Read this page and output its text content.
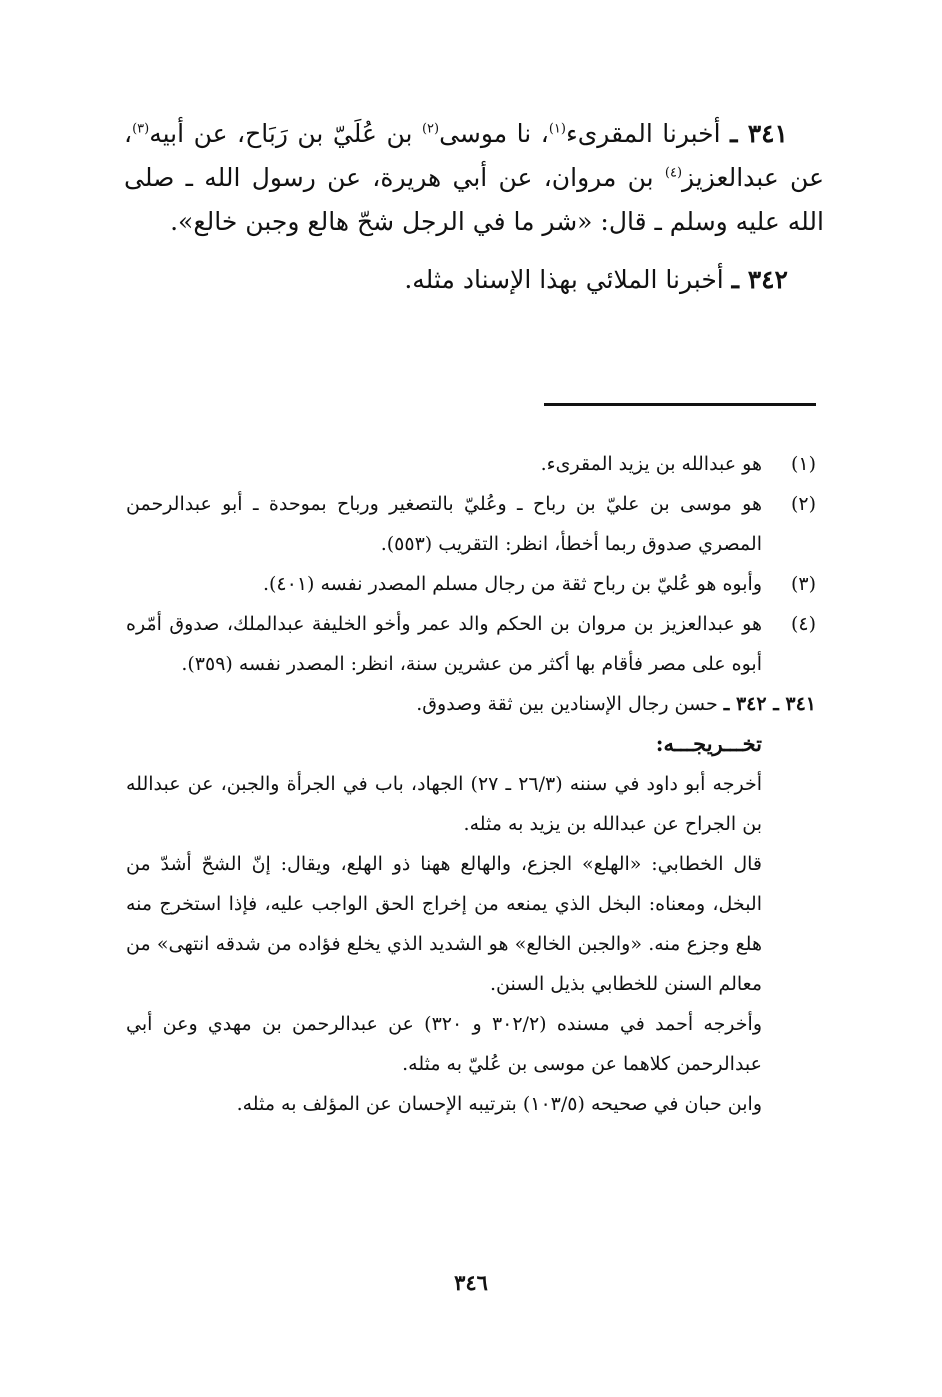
٣٤١ ـ أخبرنا المقرىء$^{(١)}$، نا موسى$^{(٢)}$ بن عُلَيّ بن رَبَاح، عن أبيه$^{(٣)}$، عن عبدالعزيز$^{(٤)}$ بن مروان، عن أبي هريرة، عن رسول الله ـ صلى الله عليه وسلم ـ قال: «شر ما في الرجل شحّ هالع وجبن خالع».

٣٤٢ ـ أخبرنا الملائي بهذا الإسناد مثله.

(١)
هو عبدالله بن يزيد المقرىء.
(٢)
هو موسى بن عليّ بن رباح ـ وعُليّ بالتصغير ورباح بموحدة ـ أبو عبدالرحمن المصري صدوق ربما أخطأ، انظر: التقريب (٥٥٣).
(٣)
وأبوه هو عُليّ بن رباح ثقة من رجال مسلم المصدر نفسه (٤٠١).
(٤)
هو عبدالعزيز بن مروان بن الحكم والد عمر وأخو الخليفة عبدالملك، صدوق أمّره أبوه على مصر فأقام بها أكثر من عشرين سنة، انظر: المصدر نفسه (٣٥٩).
٣٤١ ـ ٣٤٢ ـ حسن رجال الإسنادين بين ثقة وصدوق.
تخـــريجـــه:
أخرجه أبو داود في سننه (٢٦/٣ ـ ٢٧) الجهاد، باب في الجرأة والجبن، عن عبدالله بن الجراح عن عبدالله بن يزيد به مثله.
قال الخطابي: «الهلع» الجزع، والهالع ههنا ذو الهلع، ويقال: إنّ الشحّ أشدّ من البخل، ومعناه: البخل الذي يمنعه من إخراج الحق الواجب عليه، فإذا استخرج منه هلع وجزع منه. «والجبن الخالع» هو الشديد الذي يخلع فؤاده من شدقه انتهى» من معالم السنن للخطابي بذيل السنن.
وأخرجه أحمد في مسنده (٣٠٢/٢ و ٣٢٠) عن عبدالرحمن بن مهدي وعن أبي عبدالرحمن كلاهما عن موسى بن عُليّ به مثله.
وابن حبان في صحيحه (١٠٣/٥) بترتيبه الإحسان عن المؤلف به مثله.
٣٤٦
